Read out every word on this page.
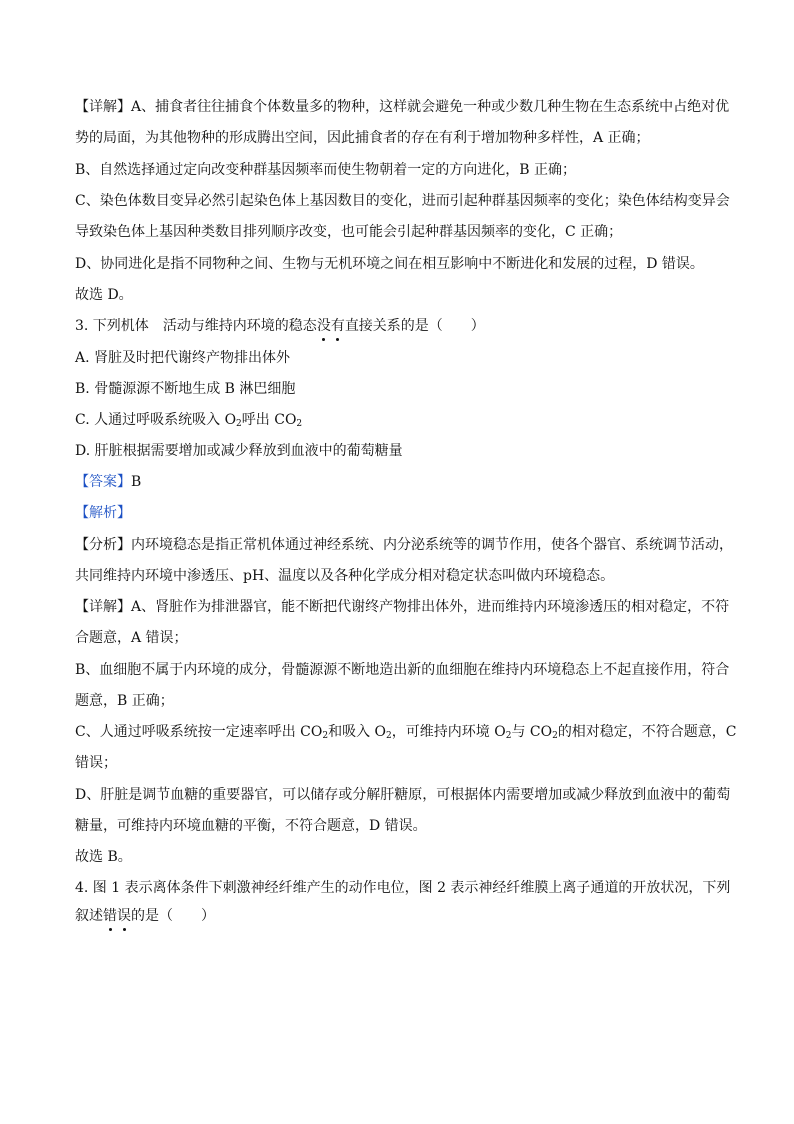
【详解】A、捕食者往往捕食个体数量多的物种，这样就会避免一种或少数几种生物在生态系统中占绝对优
势的局面，为其他物种的形成腾出空间，因此捕食者的存在有利于增加物种多样性，A 正确；
B、自然选择通过定向改变种群基因频率而使生物朝着一定的方向进化，B 正确；
C、染色体数目变异必然引起染色体上基因数目的变化，进而引起种群基因频率的变化；染色体结构变异会
导致染色体上基因种类数目排列顺序改变，也可能会引起种群基因频率的变化，C 正确；
D、协同进化是指不同物种之间、生物与无机环境之间在相互影响中不断进化和发展的过程，D 错误。
故选 D。
3. 下列机体 活动与维持内环境的稳态没有直接关系的是（　　）
A. 肾脏及时把代谢终产物排出体外
B. 骨髓源源不断地生成 B 淋巴细胞
C. 人通过呼吸系统吸入 $O_2$呼出 $CO_2$
D. 肝脏根据需要增加或减少释放到血液中的葡萄糖量
【答案】B
【解析】
【分析】内环境稳态是指正常机体通过神经系统、内分泌系统等的调节作用，使各个器官、系统调节活动，
共同维持内环境中渗透压、pH、温度以及各种化学成分相对稳定状态叫做内环境稳态。
【详解】A、肾脏作为排泄器官，能不断把代谢终产物排出体外，进而维持内环境渗透压的相对稳定，不符
合题意，A 错误；
B、血细胞不属于内环境的成分，骨髓源源不断地造出新的血细胞在维持内环境稳态上不起直接作用，符合
题意，B 正确；
C、人通过呼吸系统按一定速率呼出 $CO_2$和吸入 $O_2$，可维持内环境 $O_2$与 $CO_2$的相对稳定，不符合题意，C
错误；
D、肝脏是调节血糖的重要器官，可以储存或分解肝糖原，可根据体内需要增加或减少释放到血液中的葡萄
糖量，可维持内环境血糖的平衡，不符合题意，D 错误。
故选 B。
4. 图 1 表示离体条件下刺激神经纤维产生的动作电位，图 2 表示神经纤维膜上离子通道的开放状况，下列
叙述错误的是（　　）
